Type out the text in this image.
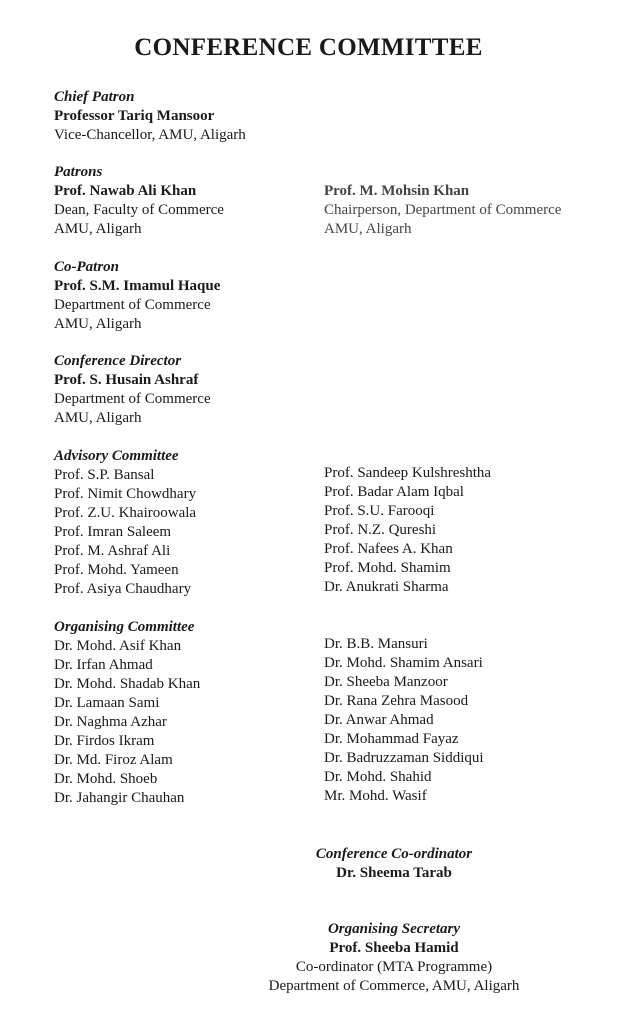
CONFERENCE COMMITTEE
Chief Patron
Professor Tariq Mansoor
Vice-Chancellor, AMU, Aligarh
Patrons
Prof. Nawab Ali Khan
Dean, Faculty of Commerce
AMU, Aligarh
Prof. M. Mohsin Khan
Chairperson, Department of Commerce
AMU, Aligarh
Co-Patron
Prof. S.M. Imamul Haque
Department of Commerce
AMU, Aligarh
Conference Director
Prof. S. Husain Ashraf
Department of Commerce
AMU, Aligarh
Advisory Committee
Prof. S.P. Bansal
Prof. Nimit Chowdhary
Prof. Z.U. Khairoowala
Prof. Imran Saleem
Prof. M. Ashraf Ali
Prof. Mohd. Yameen
Prof. Asiya Chaudhary
Prof. Sandeep Kulshreshtha
Prof. Badar Alam Iqbal
Prof. S.U. Farooqi
Prof. N.Z. Qureshi
Prof. Nafees A. Khan
Prof. Mohd. Shamim
Dr. Anukrati Sharma
Organising Committee
Dr. Mohd. Asif Khan
Dr. Irfan Ahmad
Dr. Mohd. Shadab Khan
Dr. Lamaan Sami
Dr. Naghma Azhar
Dr. Firdos Ikram
Dr. Md. Firoz Alam
Dr. Mohd. Shoeb
Dr. Jahangir Chauhan
Dr. B.B. Mansuri
Dr. Mohd. Shamim Ansari
Dr. Sheeba Manzoor
Dr. Rana Zehra Masood
Dr. Anwar Ahmad
Dr. Mohammad Fayaz
Dr. Badruzzaman Siddiqui
Dr. Mohd. Shahid
Mr. Mohd. Wasif
Conference Co-ordinator
Dr. Sheema Tarab
Organising Secretary
Prof. Sheeba Hamid
Co-ordinator (MTA Programme)
Department of Commerce, AMU, Aligarh
